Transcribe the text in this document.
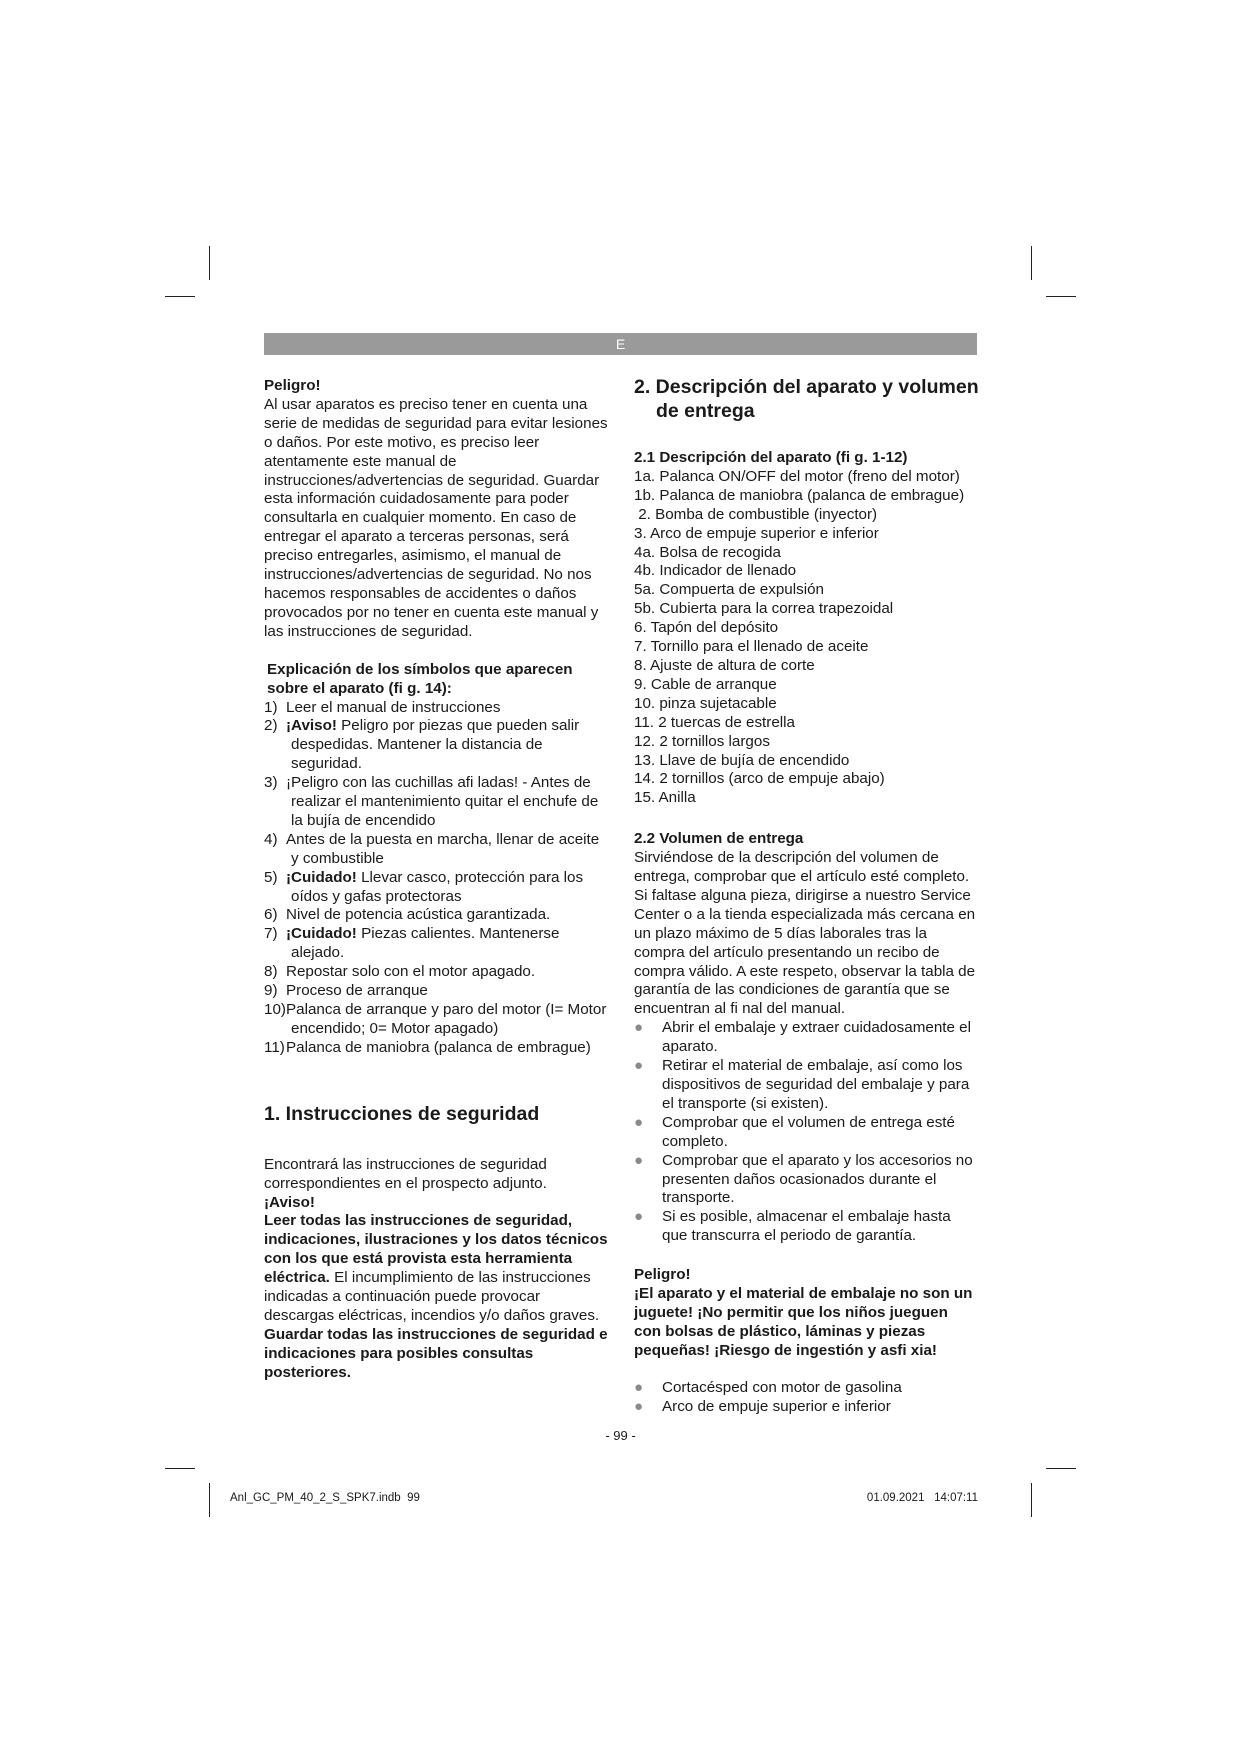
E

Peligro!

Al usar aparatos es preciso tener en cuenta una serie de medidas de seguridad para evitar lesiones o daños. Por este motivo, es preciso leer atentamente este manual de instrucciones/advertencias de seguridad. Guardar esta información cuidadosamente para poder consultarla en cualquier momento. En caso de entregar el aparato a terceras personas, será preciso entregarles, asimismo, el manual de instrucciones/advertencias de seguridad. No nos hacemos responsables de accidentes o daños provocados por no tener en cuenta este manual y las instrucciones de seguridad.

Explicación de los símbolos que aparecen sobre el aparato (fi g. 14):

1) Leer el manual de instrucciones
2) ¡Aviso! Peligro por piezas que pueden salir despedidas. Mantener la distancia de seguridad.
3) ¡Peligro con las cuchillas afi ladas! - Antes de realizar el mantenimiento quitar el enchufe de la bujía de encendido
4) Antes de la puesta en marcha, llenar de aceite y combustible
5) ¡Cuidado! Llevar casco, protección para los oídos y gafas protectoras
6) Nivel de potencia acústica garantizada.
7) ¡Cuidado! Piezas calientes. Mantenerse alejado.
8) Repostar solo con el motor apagado.
9) Proceso de arranque
10)Palanca de arranque y paro del motor (I= Motor encendido; 0= Motor apagado)
11)Palanca de maniobra (palanca de embrague)

1. Instrucciones de seguridad

Encontrará las instrucciones de seguridad correspondientes en el prospecto adjunto.

¡Aviso!

Leer todas las instrucciones de seguridad, indicaciones, ilustraciones y los datos técnicos con los que está provista esta herramienta eléctrica. El incumplimiento de las instrucciones indicadas a continuación puede provocar descargas eléctricas, incendios y/o daños graves.

Guardar todas las instrucciones de seguridad e indicaciones para posibles consultas posteriores.

2. Descripción del aparato y volumen de entrega

2.1 Descripción del aparato (fi g. 1-12)

1a. Palanca ON/OFF del motor (freno del motor)
1b. Palanca de maniobra (palanca de embrague)
2. Bomba de combustible (inyector)
3. Arco de empuje superior e inferior
4a. Bolsa de recogida
4b. Indicador de llenado
5a. Compuerta de expulsión
5b. Cubierta para la correa trapezoidal
6. Tapón del depósito
7. Tornillo para el llenado de aceite
8. Ajuste de altura de corte
9. Cable de arranque
10. pinza sujetacable
11. 2 tuercas de estrella
12. 2 tornillos largos
13. Llave de bujía de encendido
14. 2 tornillos (arco de empuje abajo)
15. Anilla

2.2 Volumen de entrega

Sirviéndose de la descripción del volumen de entrega, comprobar que el artículo esté completo. Si faltase alguna pieza, dirigirse a nuestro Service Center o a la tienda especializada más cercana en un plazo máximo de 5 días laborales tras la compra del artículo presentando un recibo de compra válido. A este respeto, observar la tabla de garantía de las condiciones de garantía que se encuentran al fi nal del manual.

● Abrir el embalaje y extraer cuidadosamente el aparato.
● Retirar el material de embalaje, así como los dispositivos de seguridad del embalaje y para el transporte (si existen).
● Comprobar que el volumen de entrega esté completo.
● Comprobar que el aparato y los accesorios no presenten daños ocasionados durante el transporte.
● Si es posible, almacenar el embalaje hasta que transcurra el periodo de garantía.

Peligro!

¡El aparato y el material de embalaje no son un juguete! ¡No permitir que los niños jueguen con bolsas de plástico, láminas y piezas pequeñas! ¡Riesgo de ingestión y asfi xia!

● Cortacésped con motor de gasolina
● Arco de empuje superior e inferior
- 99 -
Anl_GC_PM_40_2_S_SPK7.indb  99	01.09.2021 14:07:11
